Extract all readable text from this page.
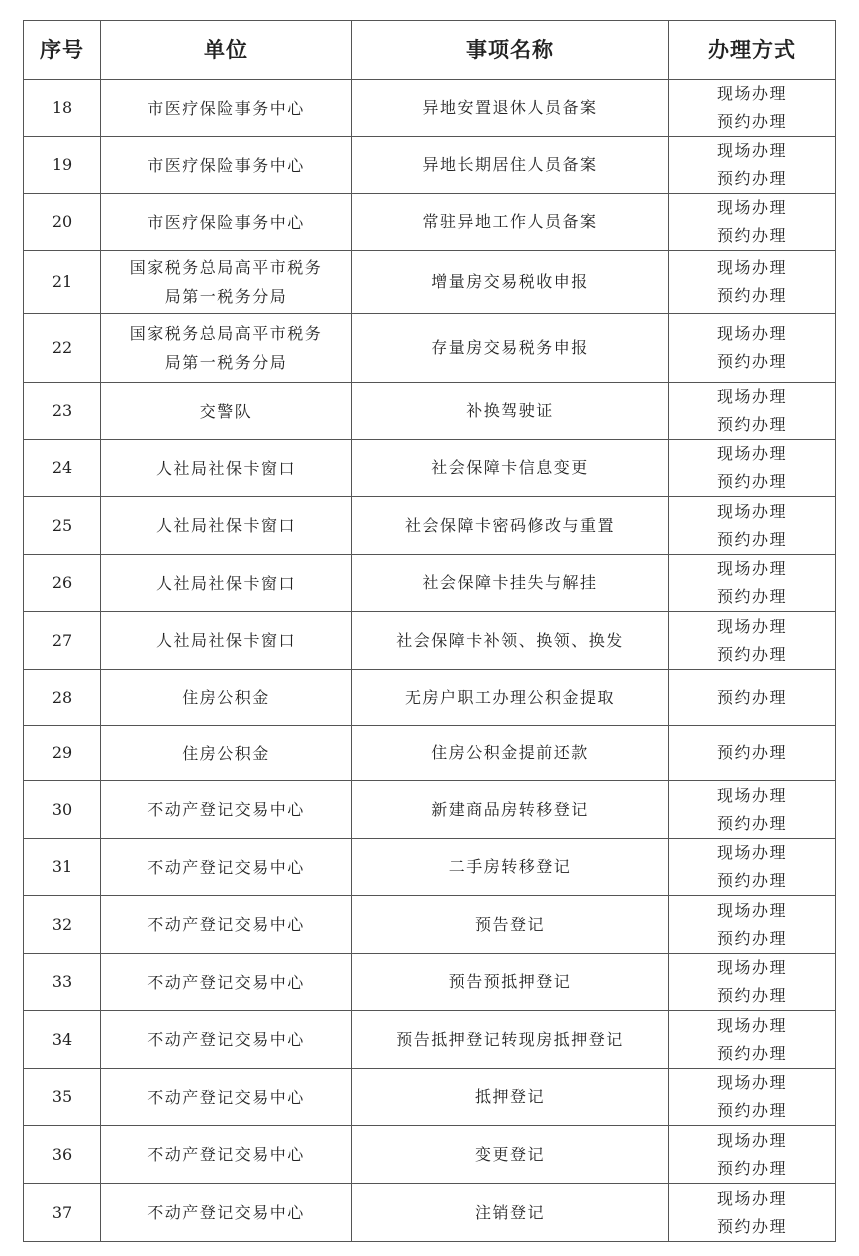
序号	单位	事项名称	办理方式
18	市医疗保险事务中心	异地安置退休人员备案	现场办理
预约办理

19	市医疗保险事务中心	异地长期居住人员备案	现场办理
预约办理

20	市医疗保险事务中心	常驻异地工作人员备案	现场办理
预约办理

21	国家税务总局高平市税务
局第一税务分局	增量房交易税收申报	现场办理
预约办理

22	国家税务总局高平市税务
局第一税务分局	存量房交易税务申报	现场办理
预约办理

23	交警队	补换驾驶证	现场办理
预约办理

24	人社局社保卡窗口	社会保障卡信息变更	现场办理
预约办理

25	人社局社保卡窗口	社会保障卡密码修改与重置	现场办理
预约办理

26	人社局社保卡窗口	社会保障卡挂失与解挂	现场办理
预约办理

27	人社局社保卡窗口	社会保障卡补领、换领、换发	现场办理
预约办理

28	住房公积金	无房户职工办理公积金提取	预约办理

29	住房公积金	住房公积金提前还款	预约办理

30	不动产登记交易中心	新建商品房转移登记	现场办理
预约办理

31	不动产登记交易中心	二手房转移登记	现场办理
预约办理

32	不动产登记交易中心	预告登记	现场办理
预约办理

33	不动产登记交易中心	预告预抵押登记	现场办理
预约办理

34	不动产登记交易中心	预告抵押登记转现房抵押登记	现场办理
预约办理

35	不动产登记交易中心	抵押登记	现场办理
预约办理

36	不动产登记交易中心	变更登记	现场办理
预约办理

37	不动产登记交易中心	注销登记	现场办理
预约办理
